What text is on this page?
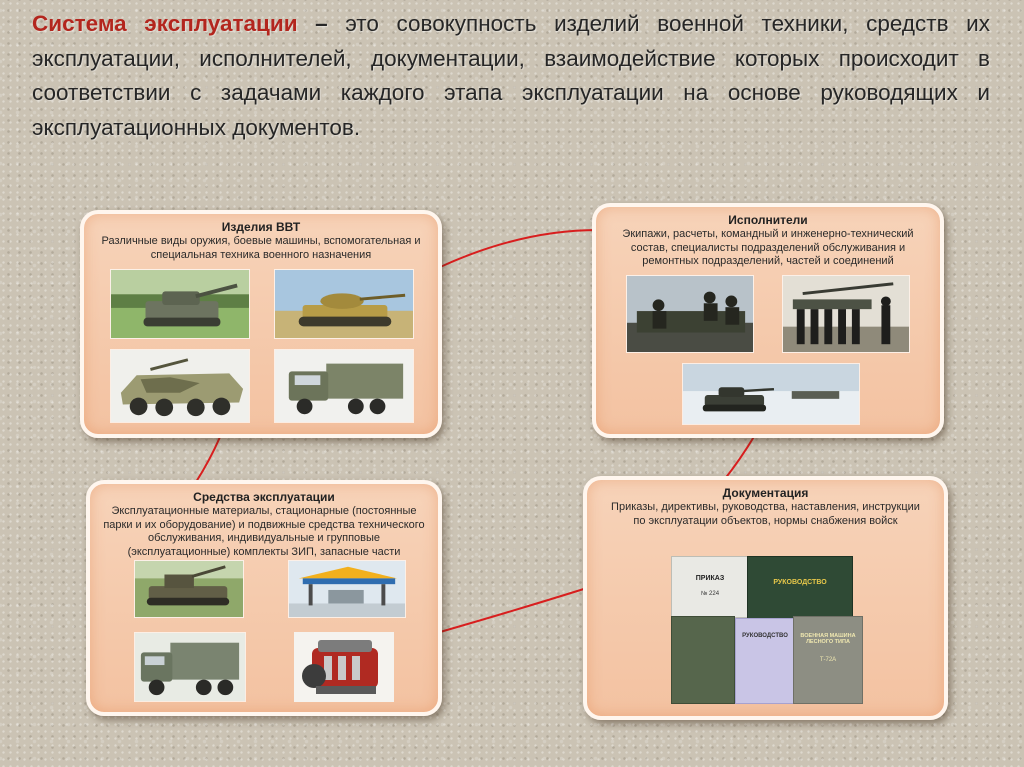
Система эксплуатации – это совокупность изделий военной техники, средств их эксплуатации, исполнителей, документации, взаимодействие которых происходит в соответствии с задачами каждого этапа эксплуатации на основе руководящих и эксплуатационных документов.

Изделия ВВТ
Различные виды оружия, боевые машины, вспомогательная и специальная техника военного назначения
Исполнители
Экипажи, расчеты, командный и инженерно-технический состав, специалисты подразделений обслуживания и ремонтных подразделений, частей и соединений
Средства эксплуатации
Эксплуатационные материалы, стационарные (постоянные парки и их оборудование) и подвижные средства технического обслуживания, индивидуальные и групповые (эксплуатационные) комплекты ЗИП, запасные части
Документация
Приказы, директивы, руководства, наставления, инструкции по эксплуатации объектов, нормы снабжения войск
ПРИКАЗ
№ 224
РУКОВОДСТВО
РУКОВОДСТВО	ВОЕННАЯ МАШИНА ЛЕСНОГО ТИПА
Т-72А
